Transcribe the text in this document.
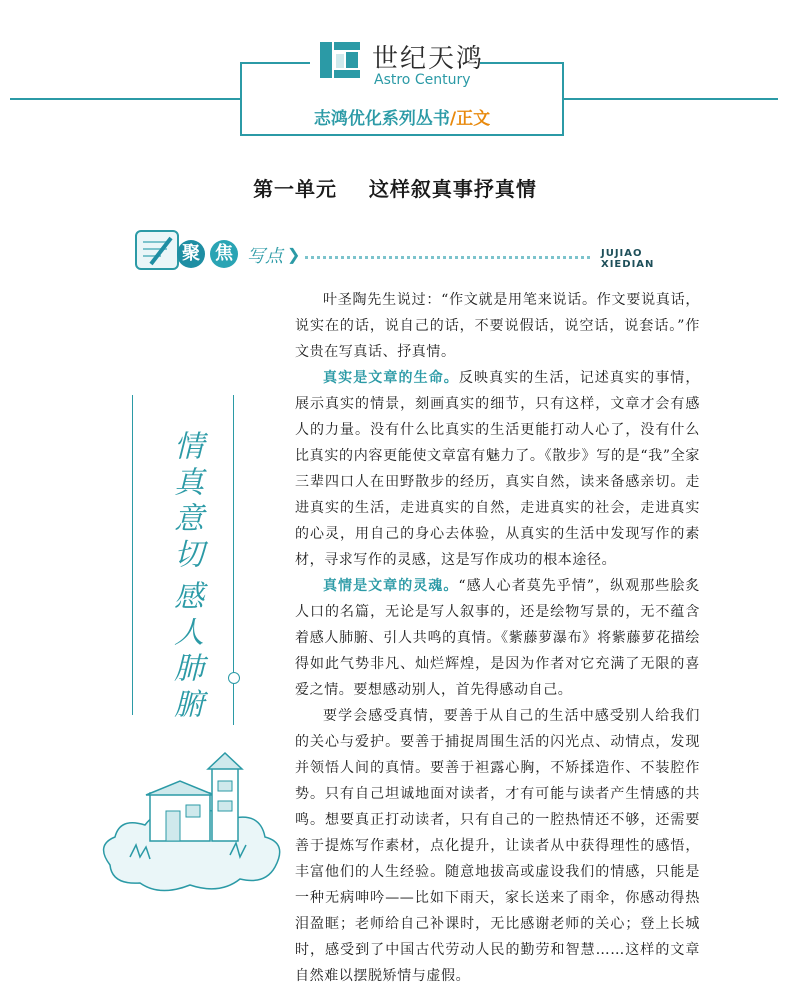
世纪天鸿
Astro Century
志鸿优化系列丛书/正文
第一单元    这样叙真事抒真情
聚 焦 写点 ❯	JUJIAO XIEDIAN
情真意切
感人肺腑

叶圣陶先生说过：“作文就是用笔来说话。作文要说真话，说实在的话，说自己的话，不要说假话，说空话，说套话。”作文贵在写真话、抒真情。

真实是文章的生命。反映真实的生活，记述真实的事情，展示真实的情景，刻画真实的细节，只有这样，文章才会有感人的力量。没有什么比真实的生活更能打动人心了，没有什么比真实的内容更能使文章富有魅力了。《散步》写的是“我”全家三辈四口人在田野散步的经历，真实自然，读来备感亲切。走进真实的生活，走进真实的自然，走进真实的社会，走进真实的心灵，用自己的身心去体验，从真实的生活中发现写作的素材，寻求写作的灵感，这是写作成功的根本途径。

真情是文章的灵魂。“感人心者莫先乎情”，纵观那些脍炙人口的名篇，无论是写人叙事的，还是绘物写景的，无不蕴含着感人肺腑、引人共鸣的真情。《紫藤萝瀑布》将紫藤萝花描绘得如此气势非凡、灿烂辉煌，是因为作者对它充满了无限的喜爱之情。要想感动别人，首先得感动自己。

要学会感受真情，要善于从自己的生活中感受别人给我们的关心与爱护。要善于捕捉周围生活的闪光点、动情点，发现并领悟人间的真情。要善于袒露心胸，不矫揉造作、不装腔作势。只有自己坦诚地面对读者，才有可能与读者产生情感的共鸣。想要真正打动读者，只有自己的一腔热情还不够，还需要善于提炼写作素材，点化提升，让读者从中获得理性的感悟，丰富他们的人生经验。随意地拔高或虚设我们的情感，只能是一种无病呻吟——比如下雨天，家长送来了雨伞，你感动得热泪盈眶；老师给自己补课时，无比感谢老师的关心；登上长城时，感受到了中国古代劳动人民的勤劳和智慧……这样的文章自然难以摆脱矫情与虚假。
